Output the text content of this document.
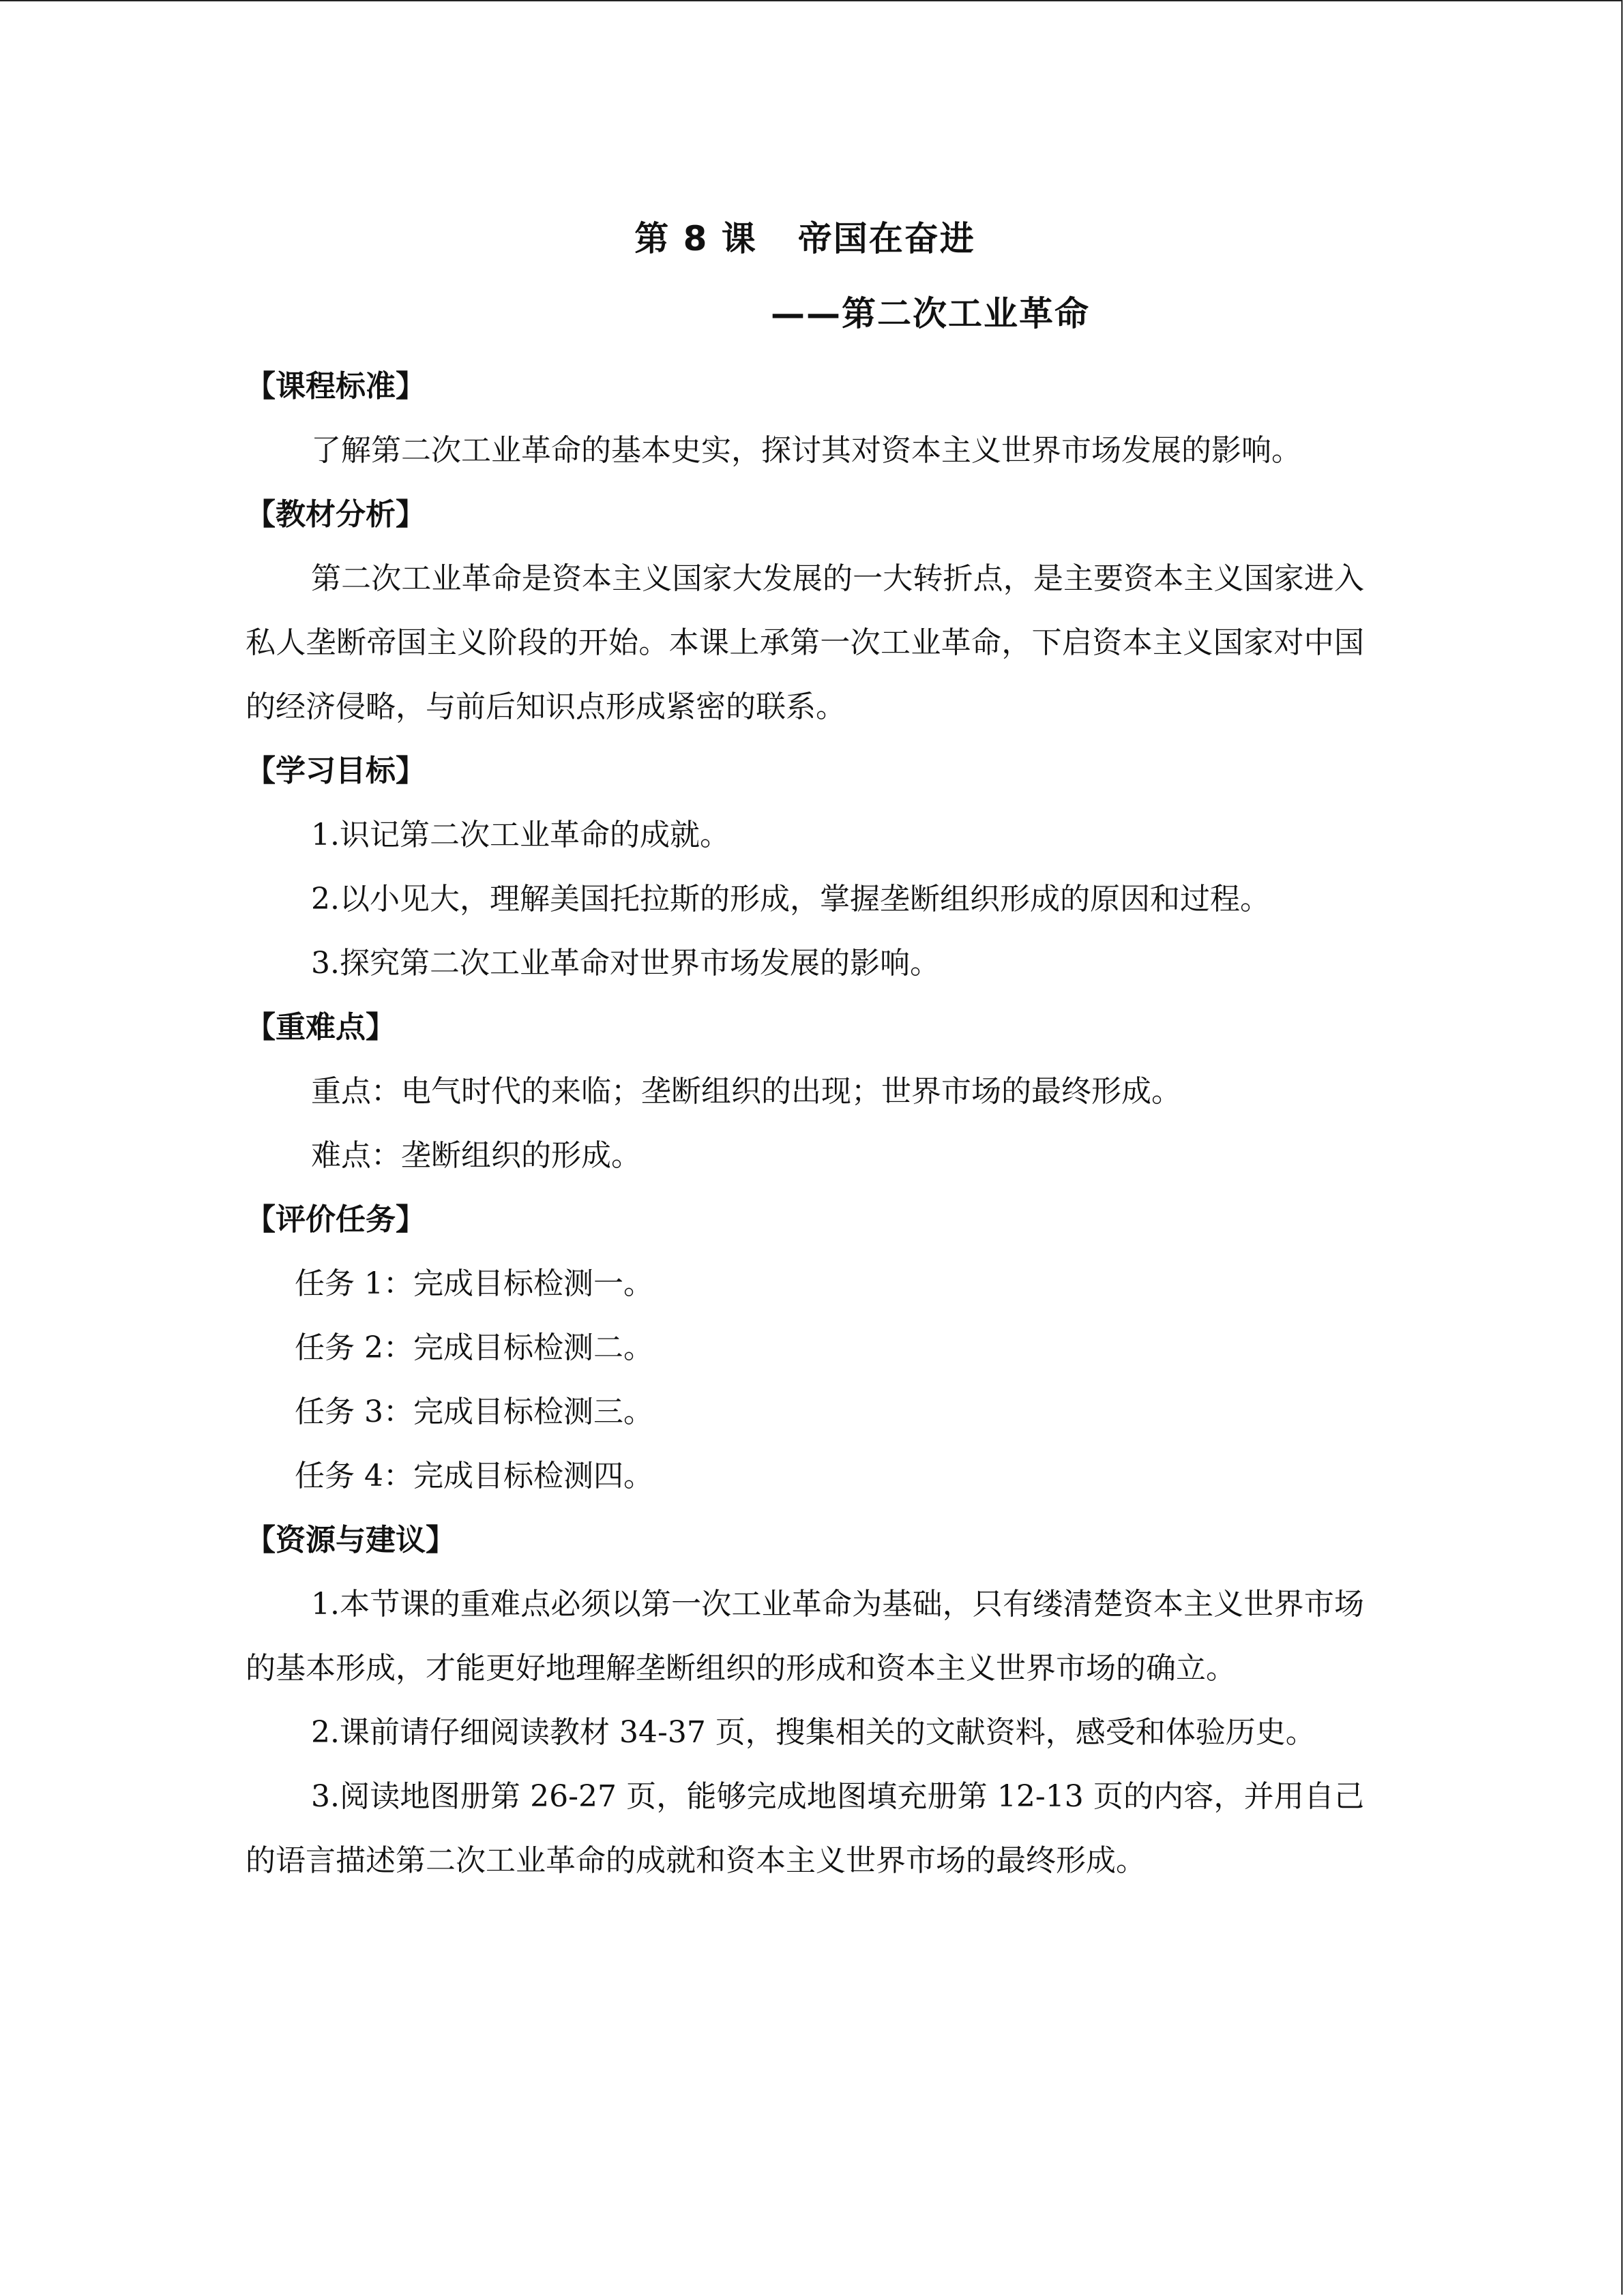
第 8 课 帝国在奋进
——第二次工业革命
【课程标准】

了解第二次工业革命的基本史实，探讨其对资本主义世界市场发展的影响。

【教材分析】

第二次工业革命是资本主义国家大发展的一大转折点，是主要资本主义国家进入私人垄断帝国主义阶段的开始。本课上承第一次工业革命，下启资本主义国家对中国的经济侵略，与前后知识点形成紧密的联系。

【学习目标】

1.识记第二次工业革命的成就。

2.以小见大，理解美国托拉斯的形成，掌握垄断组织形成的原因和过程。

3.探究第二次工业革命对世界市场发展的影响。

【重难点】

重点：电气时代的来临；垄断组织的出现；世界市场的最终形成。

难点：垄断组织的形成。

【评价任务】

任务 1：完成目标检测一。

任务 2：完成目标检测二。

任务 3：完成目标检测三。

任务 4：完成目标检测四。

【资源与建议】

1.本节课的重难点必须以第一次工业革命为基础，只有缕清楚资本主义世界市场的基本形成，才能更好地理解垄断组织的形成和资本主义世界市场的确立。

2.课前请仔细阅读教材 34-37 页，搜集相关的文献资料，感受和体验历史。

3.阅读地图册第 26-27 页，能够完成地图填充册第 12-13 页的内容，并用自己的语言描述第二次工业革命的成就和资本主义世界市场的最终形成。
